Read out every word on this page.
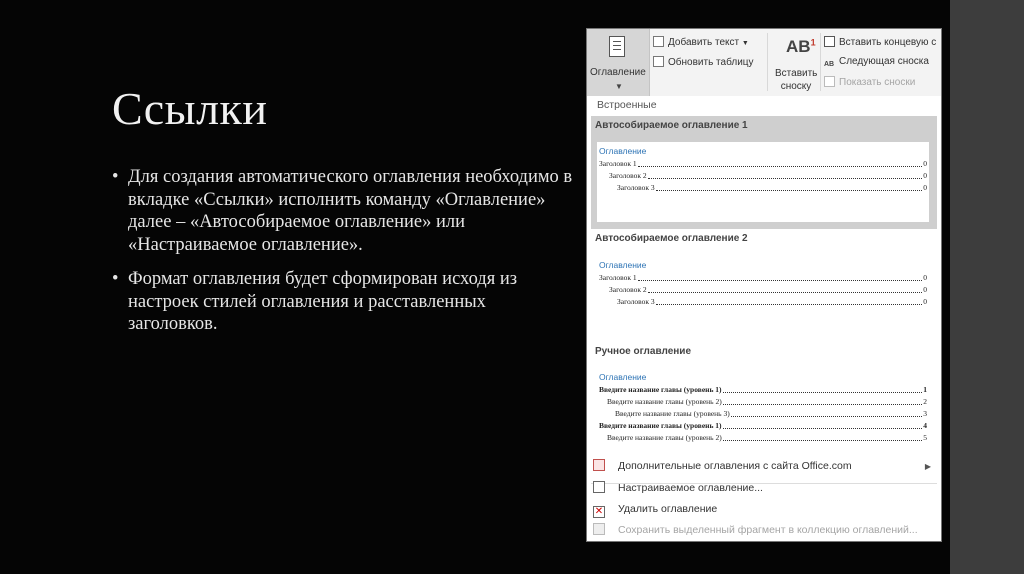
Ссылки
• Для создания автоматического оглавления необходимо в вкладке «Ссылки» исполнить команду «Оглавление» далее – «Автособираемое оглавление» или «Настраиваемое оглавление».
• Формат оглавления будет сформирован исходя из настроек стилей оглавления и расставленных заголовков.
Оглавление
▼
Добавить текст ▼
Обновить таблицу
$AB^1$
Вставить
сноску
Вставить концевую с
AB Следующая сноска
Показать сноски
Встроенные
Автособираемое оглавление 1
Оглавление
Заголовок 1	0
Заголовок 2	0
Заголовок 3	0
Автособираемое оглавление 2
Оглавление
Заголовок 1	0
Заголовок 2	0
Заголовок 3	0
Ручное оглавление
Оглавление
Введите название главы (уровень 1)	1
Введите название главы (уровень 2)	2
Введите название главы (уровень 3)	3
Введите название главы (уровень 1)	4
Введите название главы (уровень 2)	5
Дополнительные оглавления с сайта Office.com	▶
Настраиваемое оглавление...
✕ Удалить оглавление
Сохранить выделенный фрагмент в коллекцию оглавлений...
